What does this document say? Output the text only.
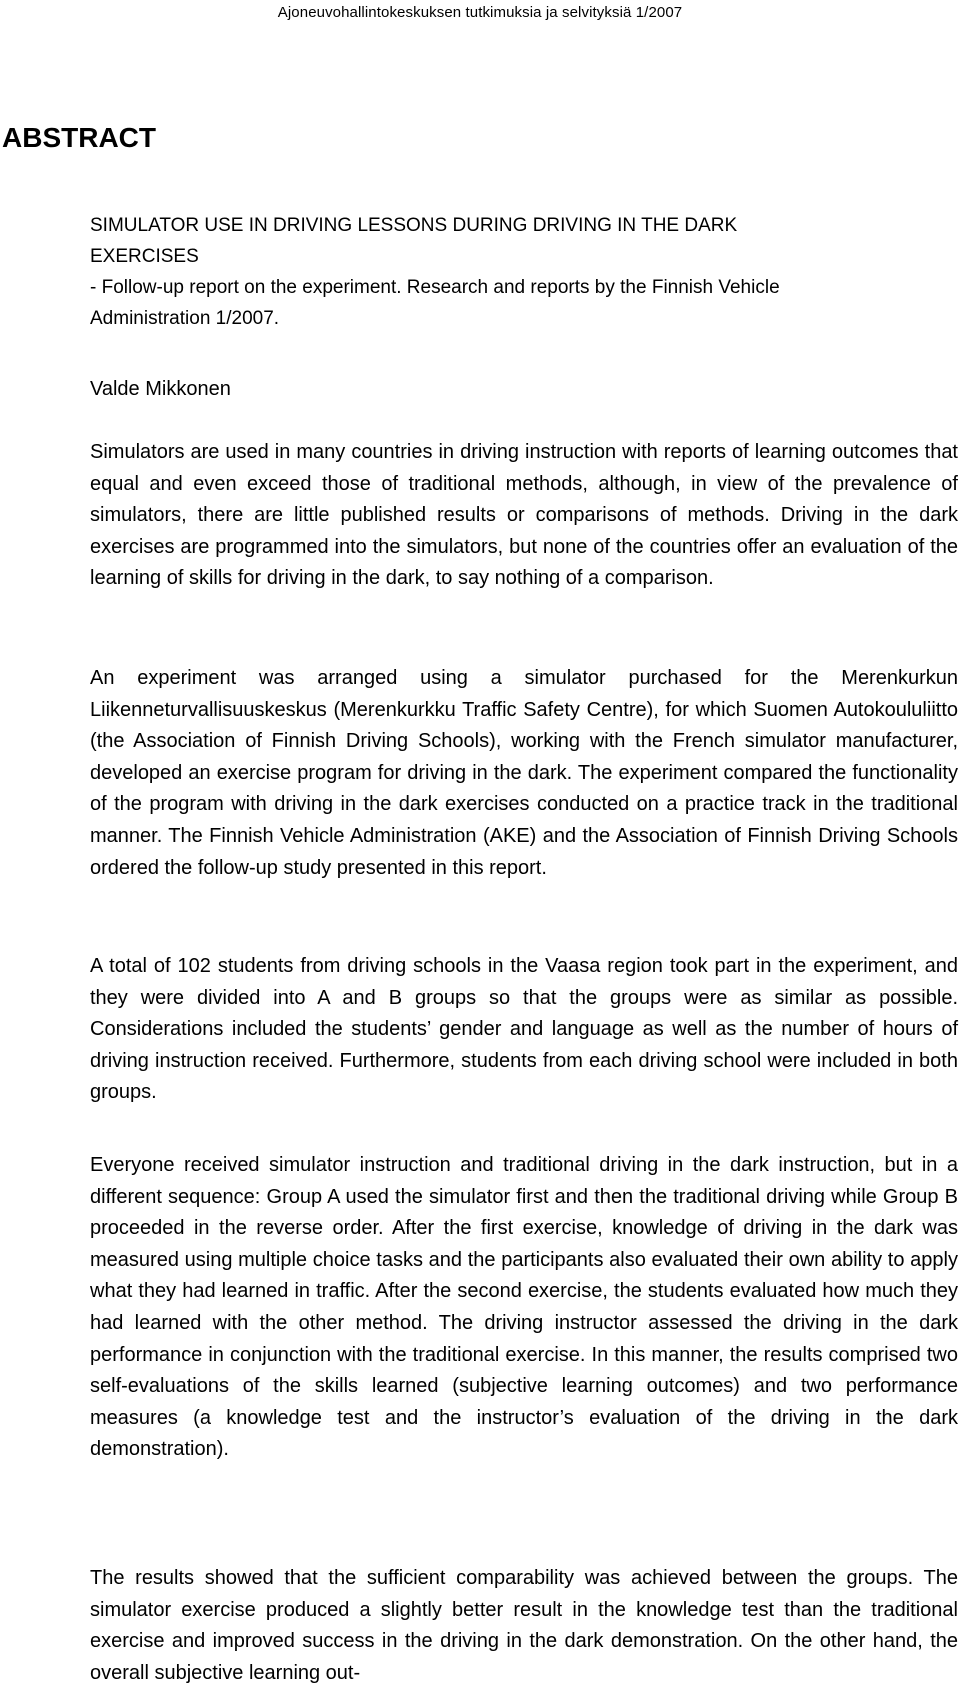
Ajoneuvohallintokeskuksen tutkimuksia ja selvityksiä 1/2007
ABSTRACT
SIMULATOR USE IN DRIVING LESSONS DURING DRIVING IN THE DARK
EXERCISES
- Follow-up report on the experiment. Research and reports by the Finnish Vehicle
Administration 1/2007.
Valde Mikkonen

Simulators are used in many countries in driving instruction with reports of learning outcomes that equal and even exceed those of traditional methods, although, in view of the prevalence of simulators, there are little published results or comparisons of methods. Driving in the dark exercises are programmed into the simulators, but none of the countries offer an evaluation of the learning of skills for driving in the dark, to say nothing of a comparison.

An experiment was arranged using a simulator purchased for the Merenkurkun Liikenneturvallisuuskeskus (Merenkurkku Traffic Safety Centre), for which Suomen Autokoululiitto (the Association of Finnish Driving Schools), working with the French simulator manufacturer, developed an exercise program for driving in the dark. The experiment compared the functionality of the program with driving in the dark exercises conducted on a practice track in the traditional manner. The Finnish Vehicle Administration (AKE) and the Association of Finnish Driving Schools ordered the follow-up study presented in this report.

A total of 102 students from driving schools in the Vaasa region took part in the experiment, and they were divided into A and B groups so that the groups were as similar as possible. Considerations included the students’ gender and language as well as the number of hours of driving instruction received. Furthermore, students from each driving school were included in both groups.

Everyone received simulator instruction and traditional driving in the dark instruction, but in a different sequence: Group A used the simulator first and then the traditional driving while Group B proceeded in the reverse order. After the first exercise, knowledge of driving in the dark was measured using multiple choice tasks and the participants also evaluated their own ability to apply what they had learned in traffic. After the second exercise, the students evaluated how much they had learned with the other method. The driving instructor assessed the driving in the dark performance in conjunction with the traditional exercise. In this manner, the results comprised two self-evaluations of the skills learned (subjective learning outcomes) and two performance measures (a knowledge test and the instructor’s evaluation of the driving in the dark demonstration).

The results showed that the sufficient comparability was achieved between the groups. The simulator exercise produced a slightly better result in the knowledge test than the traditional exercise and improved success in the driving in the dark demonstration. On the other hand, the overall subjective learning out-
